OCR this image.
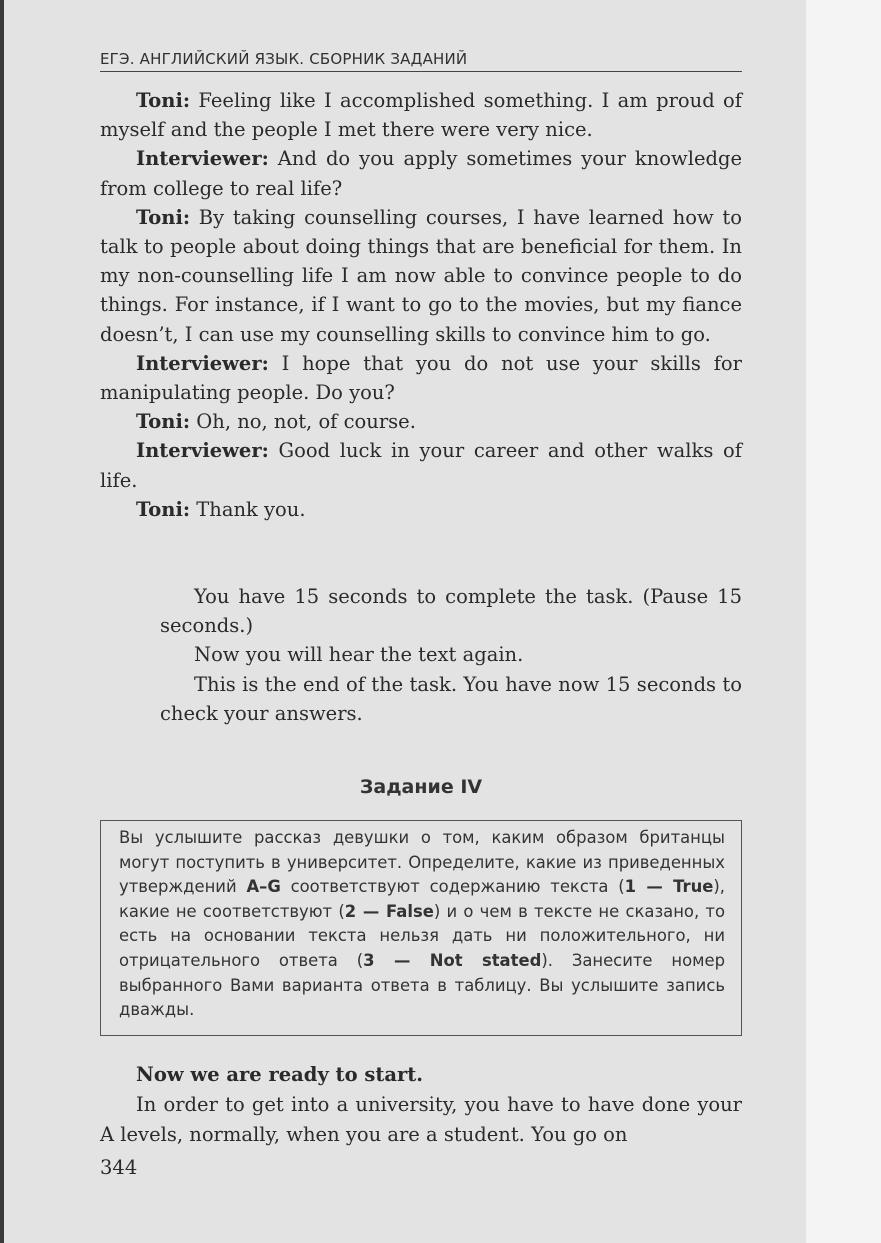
ЕГЭ. АНГЛИЙСКИЙ ЯЗЫК. СБОРНИК ЗАДАНИЙ

Toni: Feeling like I accomplished something. I am proud of myself and the people I met there were very nice.

Interviewer: And do you apply sometimes your knowledge from college to real life?

Toni: By taking counselling courses, I have learned how to talk to people about doing things that are beneficial for them. In my non-counselling life I am now able to convince people to do things. For instance, if I want to go to the movies, but my fiance doesn’t, I can use my counselling skills to convince him to go.

Interviewer: I hope that you do not use your skills for manipulating people. Do you?

Toni: Oh, no, not, of course.

Interviewer: Good luck in your career and other walks of life.

Toni: Thank you.

You have 15 seconds to complete the task. (Pause 15 seconds.)

Now you will hear the text again.

This is the end of the task. You have now 15 seconds to check your answers.

Задание IV
Вы услышите рассказ девушки о том, каким образом британцы могут поступить в университет. Определите, какие из приведенных утверждений A–G соответствуют содержанию текста (1 — True), какие не соответствуют (2 — False) и о чем в тексте не сказано, то есть на основании текста нельзя дать ни положительного, ни отрицательного ответа (3 — Not stated). Занесите номер выбранного Вами варианта ответа в таблицу. Вы услышите запись дважды.

Now we are ready to start.

In order to get into a university, you have to have done your A levels, normally, when you are a student. You go on

344
